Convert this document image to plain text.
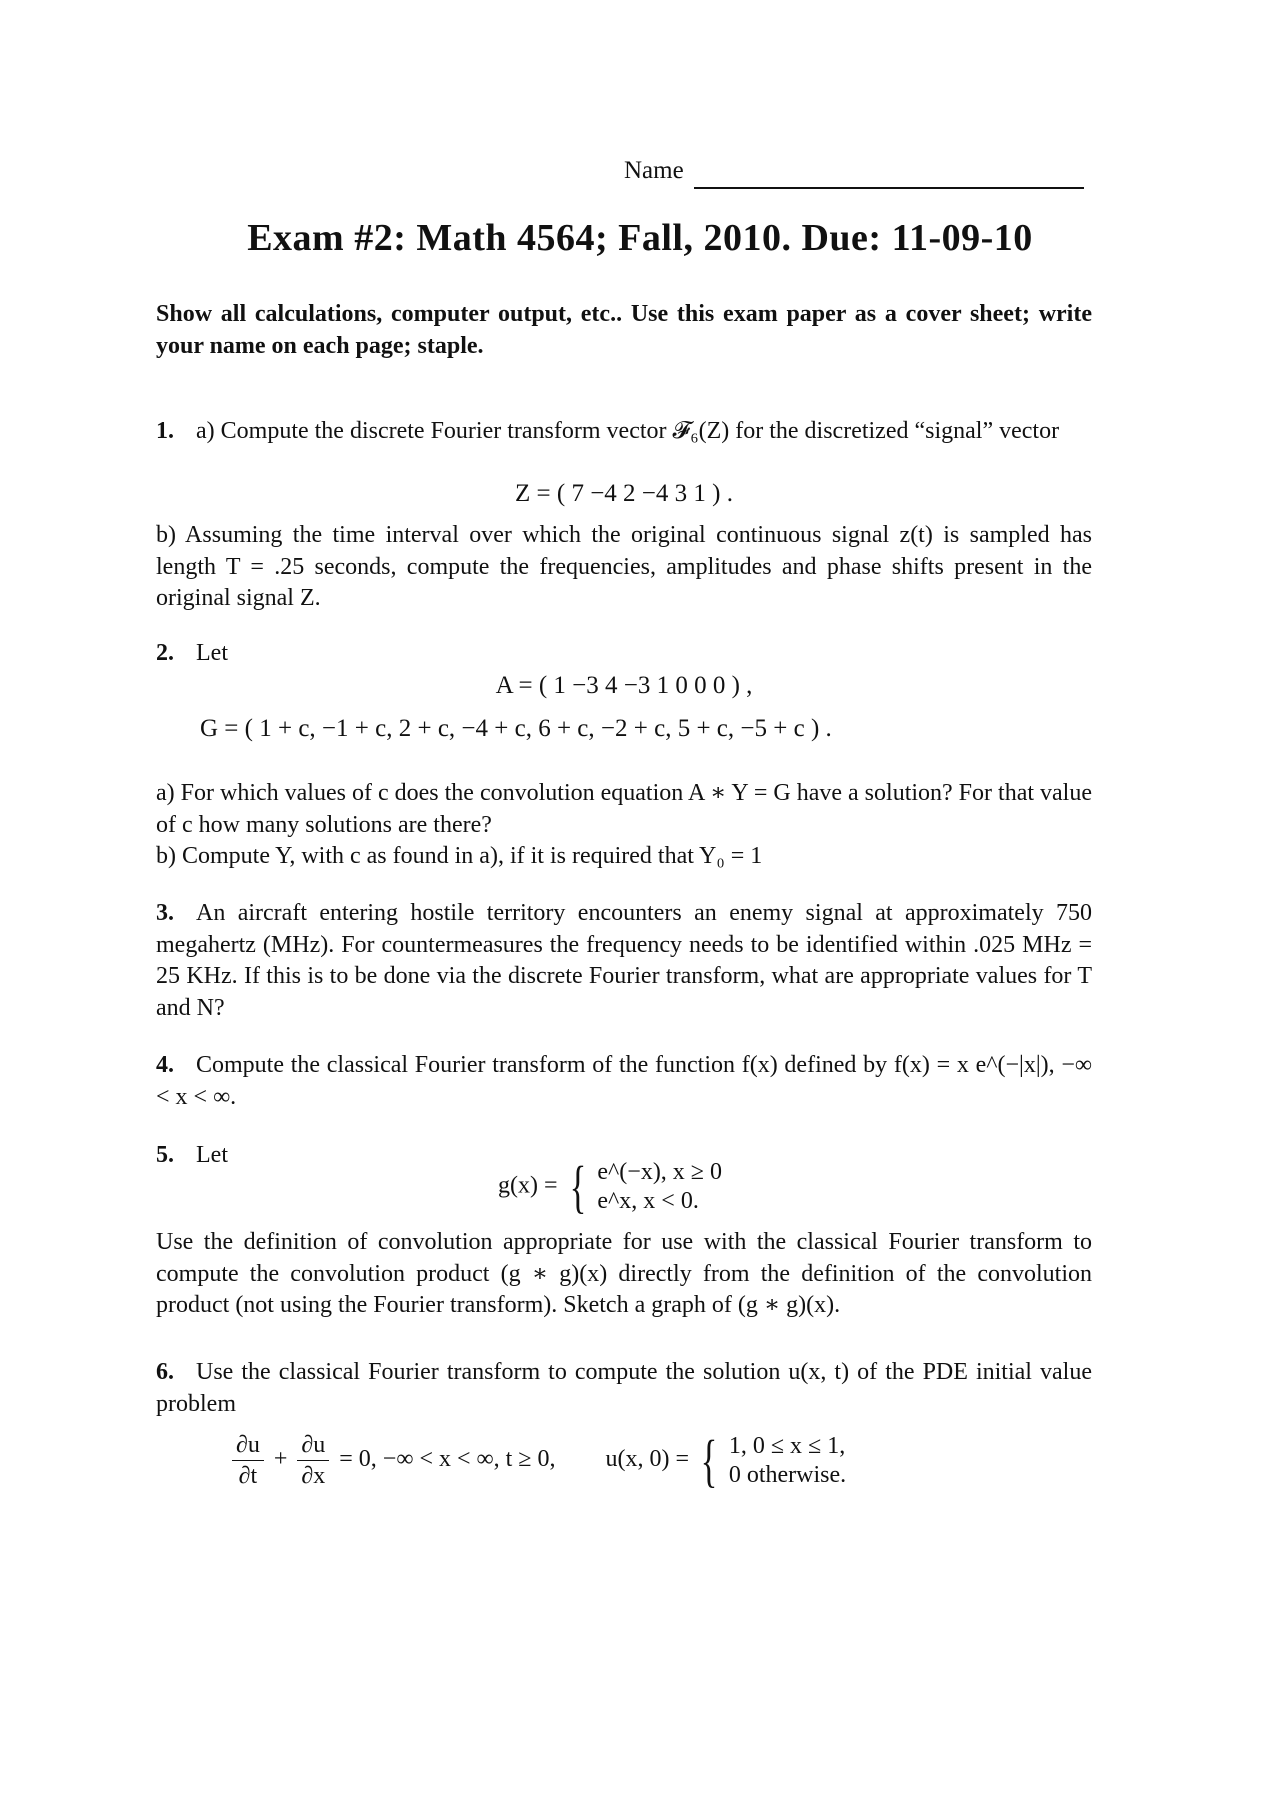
Name
Exam #2: Math 4564; Fall, 2010. Due: 11-09-10
Show all calculations, computer output, etc.. Use this exam paper as a cover sheet; write your name on each page; staple.
1. a) Compute the discrete Fourier transform vector 𝓕₆(Z) for the discretized “signal” vector
Z = ( 7 −4 2 −4 3 1 ) .
b) Assuming the time interval over which the original continuous signal z(t) is sampled has length T = .25 seconds, compute the frequencies, amplitudes and phase shifts present in the original signal Z.
2. Let
A = ( 1 −3 4 −3 1 0 0 0 ) ,
G = ( 1 + c, −1 + c, 2 + c, −4 + c, 6 + c, −2 + c, 5 + c, −5 + c ) .
a) For which values of c does the convolution equation A ∗ Y = G have a solution? For that value of c how many solutions are there?
b) Compute Y, with c as found in a), if it is required that Y₀ = 1
3. An aircraft entering hostile territory encounters an enemy signal at approximately 750 megahertz (MHz). For countermeasures the frequency needs to be identified within .025 MHz = 25 KHz. If this is to be done via the discrete Fourier transform, what are appropriate values for T and N?
4. Compute the classical Fourier transform of the function f(x) defined by f(x) = x e^(−|x|), −∞ < x < ∞.
5. Let
g(x) = { e^(−x), x ≥ 0
e^x, x < 0.
Use the definition of convolution appropriate for use with the classical Fourier transform to compute the convolution product (g ∗ g)(x) directly from the definition of the convolution product (not using the Fourier transform). Sketch a graph of (g ∗ g)(x).
6. Use the classical Fourier transform to compute the solution u(x, t) of the PDE initial value problem
$\frac{\partial u}{\partial t} + \frac{\partial u}{\partial x} = 0$, −∞ < x < ∞, t ≥ 0, u(x, 0) = { 1, 0 ≤ x ≤ 1,
0 otherwise.
